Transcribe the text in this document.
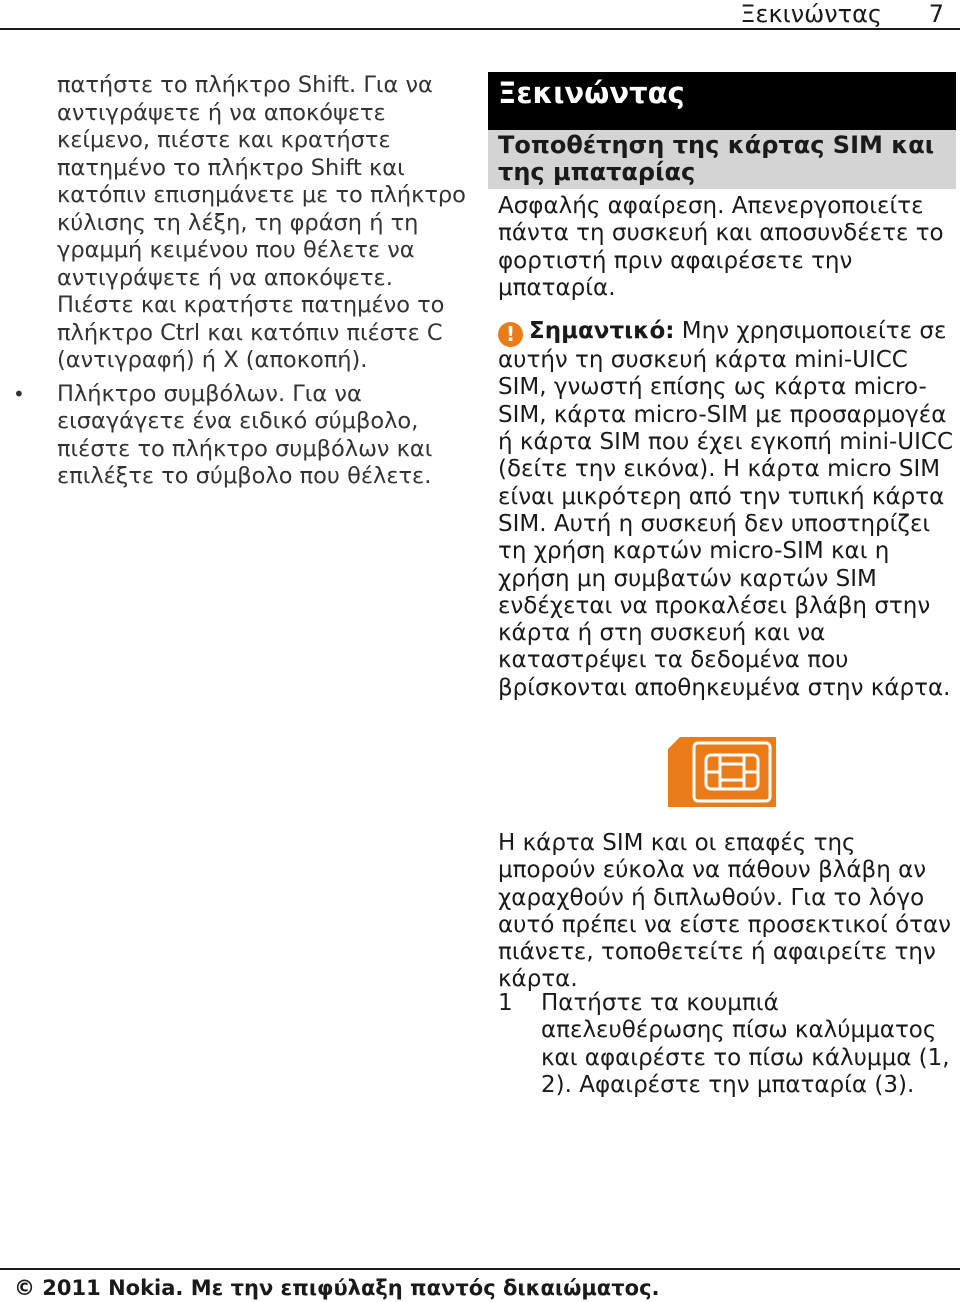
Ξεκινώντας 7

πατήστε το πλήκτρο Shift. Για να αντιγράψετε ή να αποκόψετε κείμενο, πιέστε και κρατήστε πατημένο το πλήκτρο Shift και κατόπιν επισημάνετε με το πλήκτρο κύλισης τη λέξη, τη φράση ή τη γραμμή κειμένου που θέλετε να αντιγράψετε ή να αποκόψετε. Πιέστε και κρατήστε πατημένο το πλήκτρο Ctrl και κατόπιν πιέστε C (αντιγραφή) ή X (αποκοπή).

• Πλήκτρο συμβόλων. Για να εισαγάγετε ένα ειδικό σύμβολο, πιέστε το πλήκτρο συμβόλων και επιλέξτε το σύμβολο που θέλετε.

Ξεκινώντας
Τοποθέτηση της κάρτας SIM και της μπαταρίας

Ασφαλής αφαίρεση. Απενεργοποιείτε πάντα τη συσκευή και αποσυνδέετε το φορτιστή πριν αφαιρέσετε την μπαταρία.

! Σημαντικό: Μην χρησιμοποιείτε σε αυτήν τη συσκευή κάρτα mini-UICC SIM, γνωστή επίσης ως κάρτα micro-SIM, κάρτα micro-SIM με προσαρμογέα ή κάρτα SIM που έχει εγκοπή mini-UICC (δείτε την εικόνα). Η κάρτα micro SIM είναι μικρότερη από την τυπική κάρτα SIM. Αυτή η συσκευή δεν υποστηρίζει τη χρήση καρτών micro-SIM και η χρήση μη συμβατών καρτών SIM ενδέχεται να προκαλέσει βλάβη στην κάρτα ή στη συσκευή και να καταστρέψει τα δεδομένα που βρίσκονται αποθηκευμένα στην κάρτα.

Η κάρτα SIM και οι επαφές της μπορούν εύκολα να πάθουν βλάβη αν χαραχθούν ή διπλωθούν. Για το λόγο αυτό πρέπει να είστε προσεκτικοί όταν πιάνετε, τοποθετείτε ή αφαιρείτε την κάρτα.

1 Πατήστε τα κουμπιά απελευθέρωσης πίσω καλύμματος και αφαιρέστε το πίσω κάλυμμα (1, 2). Αφαιρέστε την μπαταρία (3).
© 2011 Nokia. Με την επιφύλαξη παντός δικαιώματος.
